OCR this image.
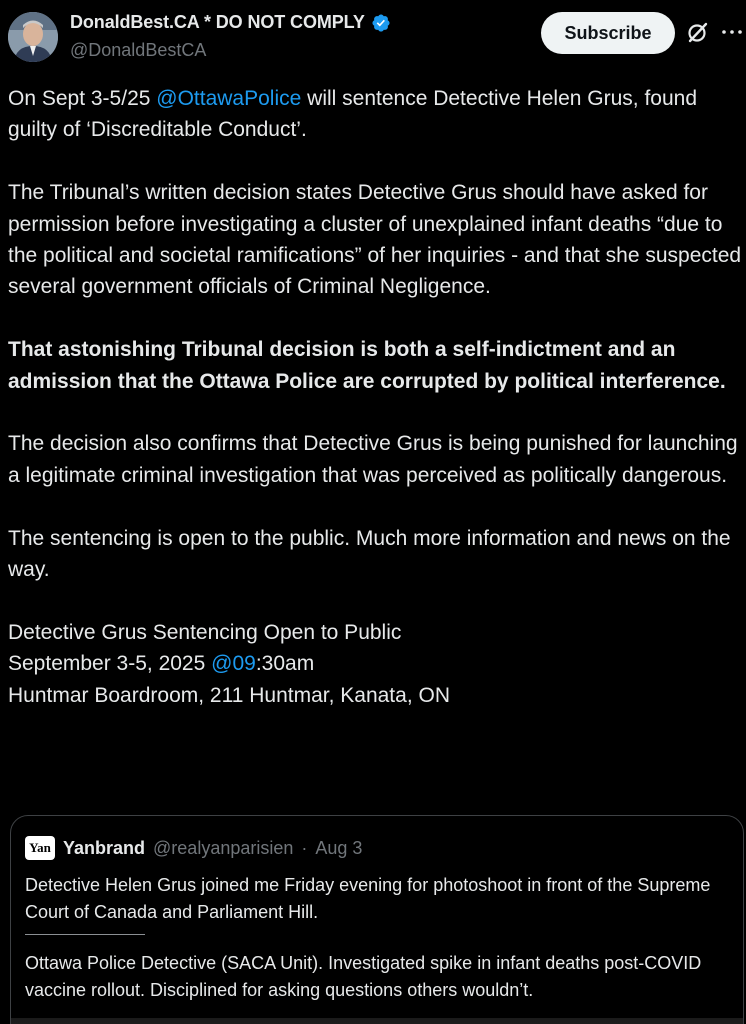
DonaldBest.CA * DO NOT COMPLY
@DonaldBestCA
Subscribe
On Sept 3-5/25 @OttawaPolice will sentence Detective Helen Grus, found guilty of ‘Discreditable Conduct’.
The Tribunal’s written decision states Detective Grus should have asked for permission before investigating a cluster of unexplained infant deaths “due to the political and societal ramifications” of her inquiries - and that she suspected several government officials of Criminal Negligence.
That astonishing Tribunal decision is both a self-indictment and an admission that the Ottawa Police are corrupted by political interference.
The decision also confirms that Detective Grus is being punished for launching a legitimate criminal investigation that was perceived as politically dangerous.
The sentencing is open to the public. Much more information and news on the way.
Detective Grus Sentencing Open to Public
September 3-5, 2025 @09:30am
Huntmar Boardroom, 211 Huntmar, Kanata, ON
Yan Yanbrand @realyanparisien · Aug 3
Detective Helen Grus joined me Friday evening for photoshoot in front of the Supreme Court of Canada and Parliament Hill.
Ottawa Police Detective (SACA Unit). Investigated spike in infant deaths post-COVID vaccine rollout. Disciplined for asking questions others wouldn’t.
